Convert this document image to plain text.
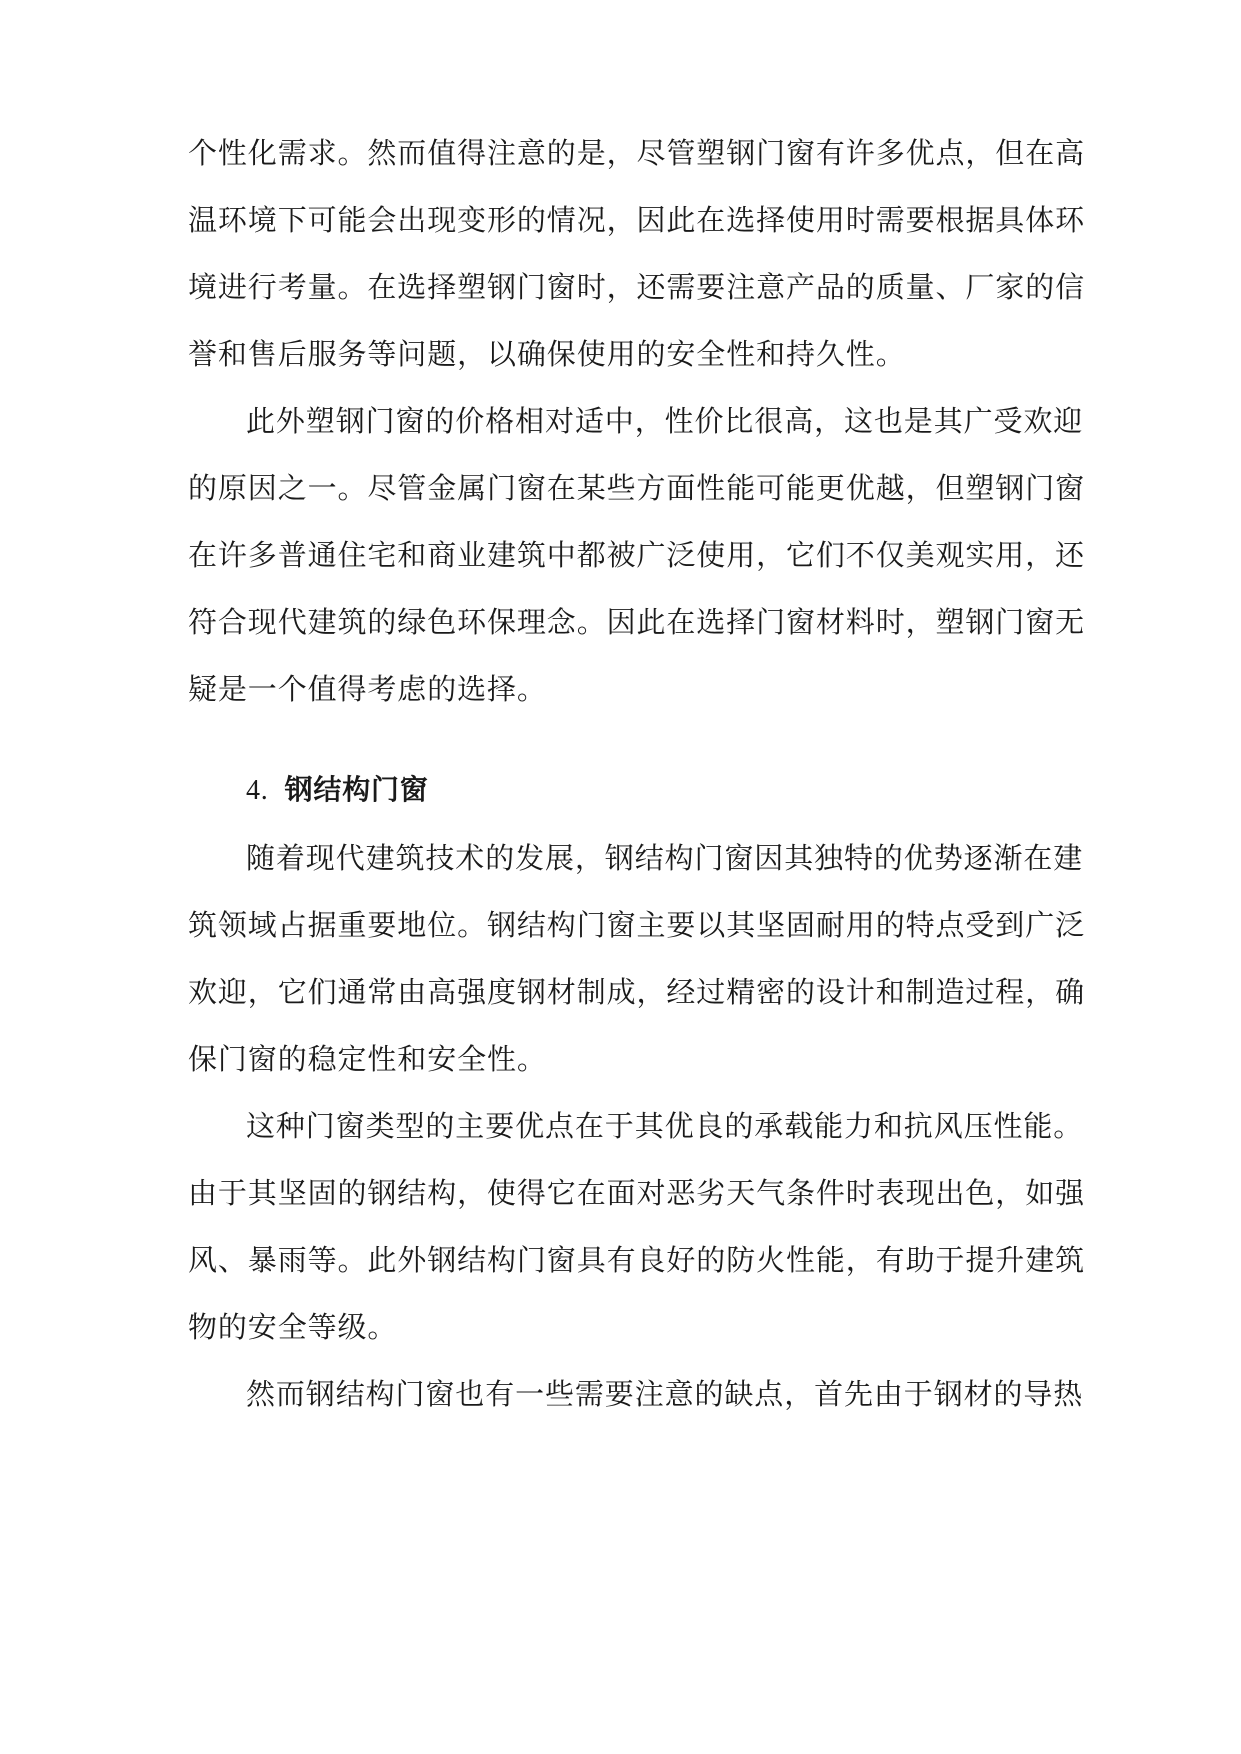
个性化需求。然而值得注意的是，尽管塑钢门窗有许多优点，但在高
温环境下可能会出现变形的情况，因此在选择使用时需要根据具体环
境进行考量。在选择塑钢门窗时，还需要注意产品的质量、厂家的信
誉和售后服务等问题，以确保使用的安全性和持久性。
此外塑钢门窗的价格相对适中，性价比很高，这也是其广受欢迎
的原因之一。尽管金属门窗在某些方面性能可能更优越，但塑钢门窗
在许多普通住宅和商业建筑中都被广泛使用，它们不仅美观实用，还
符合现代建筑的绿色环保理念。因此在选择门窗材料时，塑钢门窗无
疑是一个值得考虑的选择。
4. 钢结构门窗
随着现代建筑技术的发展，钢结构门窗因其独特的优势逐渐在建
筑领域占据重要地位。钢结构门窗主要以其坚固耐用的特点受到广泛
欢迎，它们通常由高强度钢材制成，经过精密的设计和制造过程，确
保门窗的稳定性和安全性。
这种门窗类型的主要优点在于其优良的承载能力和抗风压性能。
由于其坚固的钢结构，使得它在面对恶劣天气条件时表现出色，如强
风、暴雨等。此外钢结构门窗具有良好的防火性能，有助于提升建筑
物的安全等级。
然而钢结构门窗也有一些需要注意的缺点，首先由于钢材的导热
